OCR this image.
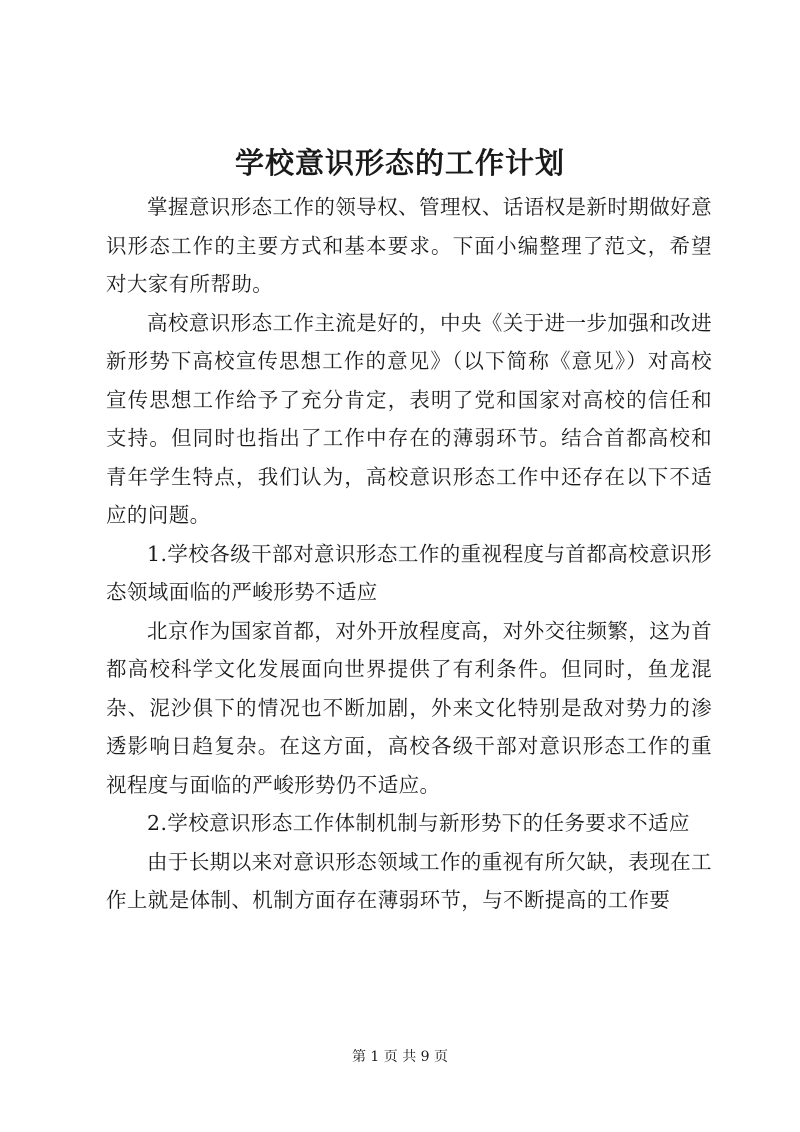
学校意识形态的工作计划

掌握意识形态工作的领导权、管理权、话语权是新时期做好意识形态工作的主要方式和基本要求。下面小编整理了范文，希望对大家有所帮助。

高校意识形态工作主流是好的，中央《关于进一步加强和改进新形势下高校宣传思想工作的意见》（以下简称《意见》）对高校宣传思想工作给予了充分肯定，表明了党和国家对高校的信任和支持。但同时也指出了工作中存在的薄弱环节。结合首都高校和青年学生特点，我们认为，高校意识形态工作中还存在以下不适应的问题。

1.学校各级干部对意识形态工作的重视程度与首都高校意识形态领域面临的严峻形势不适应

北京作为国家首都，对外开放程度高，对外交往频繁，这为首都高校科学文化发展面向世界提供了有利条件。但同时，鱼龙混杂、泥沙俱下的情况也不断加剧，外来文化特别是敌对势力的渗透影响日趋复杂。在这方面，高校各级干部对意识形态工作的重视程度与面临的严峻形势仍不适应。

2.学校意识形态工作体制机制与新形势下的任务要求不适应

由于长期以来对意识形态领域工作的重视有所欠缺，表现在工作上就是体制、机制方面存在薄弱环节，与不断提高的工作要

第 1 页 共 9 页
